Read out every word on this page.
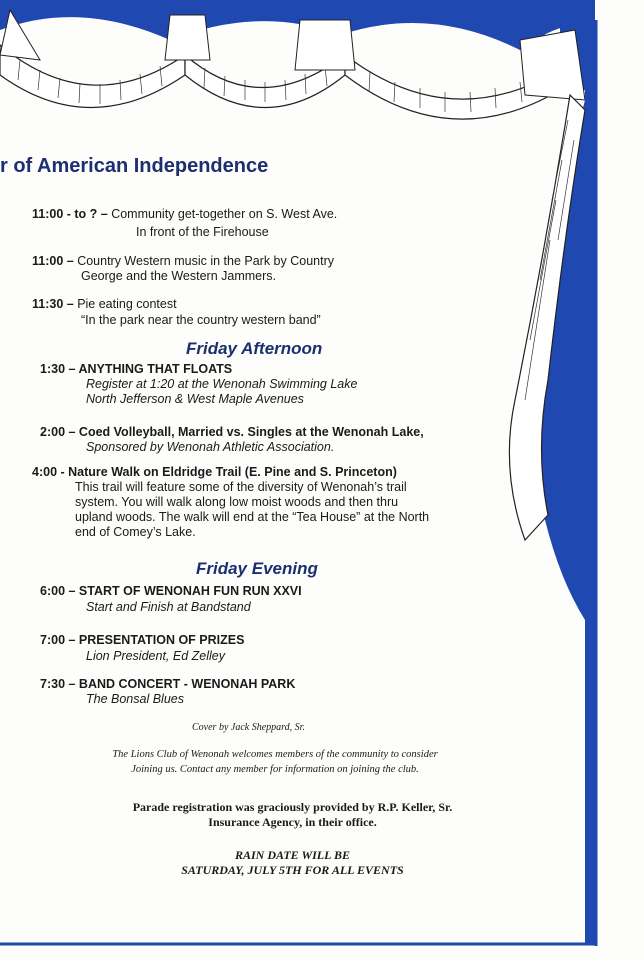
r of American Independence
11:00 - to ? – Community get-together on S. West Ave.
In front of the Firehouse
11:00 – Country Western music in the Park by Country
George and the Western Jammers.
11:30 – Pie eating contest
“In the park near the country western band”
Friday Afternoon
1:30 – ANYTHING THAT FLOATS
Register at 1:20 at the Wenonah Swimming Lake
North Jefferson & West Maple Avenues
2:00 – Coed Volleyball, Married vs. Singles at the Wenonah Lake,
Sponsored by Wenonah Athletic Association.
4:00 - Nature Walk on Eldridge Trail (E. Pine and S. Princeton)
This trail will feature some of the diversity of Wenonah’s trail
system. You will walk along low moist woods and then thru
upland woods. The walk will end at the “Tea House” at the North
end of Comey’s Lake.
Friday Evening
6:00 – START OF WENONAH FUN RUN XXVI
Start and Finish at Bandstand
7:00 – PRESENTATION OF PRIZES
Lion President, Ed Zelley
7:30 – BAND CONCERT - WENONAH PARK
The Bonsal Blues
Cover by Jack Sheppard, Sr.
The Lions Club of Wenonah welcomes members of the community to consider
Joining us. Contact any member for information on joining the club.
Parade registration was graciously provided by R.P. Keller, Sr.
Insurance Agency, in their office.
RAIN DATE WILL BE
SATURDAY, JULY 5TH FOR ALL EVENTS
